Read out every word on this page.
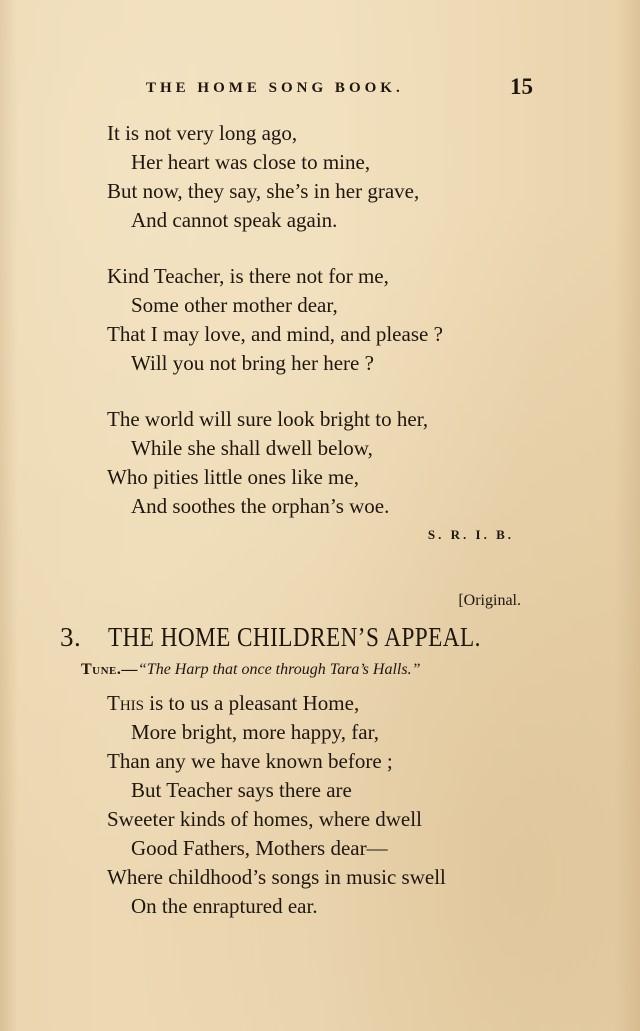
THE HOME SONG BOOK.	15
It is not very long ago,
Her heart was close to mine,
But now, they say, she’s in her grave,
And cannot speak again.
Kind Teacher, is there not for me,
Some other mother dear,
That I may love, and mind, and please ?
Will you not bring her here ?
The world will sure look bright to her,
While she shall dwell below,
Who pities little ones like me,
And soothes the orphan’s woe.
S. R. I. B.
[Original.
3. THE HOME CHILDREN’S APPEAL.
Tune.—“The Harp that once through Tara’s Halls.”
This is to us a pleasant Home,
More bright, more happy, far,
Than any we have known before ;
But Teacher says there are
Sweeter kinds of homes, where dwell
Good Fathers, Mothers dear—
Where childhood’s songs in music swell
On the enraptured ear.
